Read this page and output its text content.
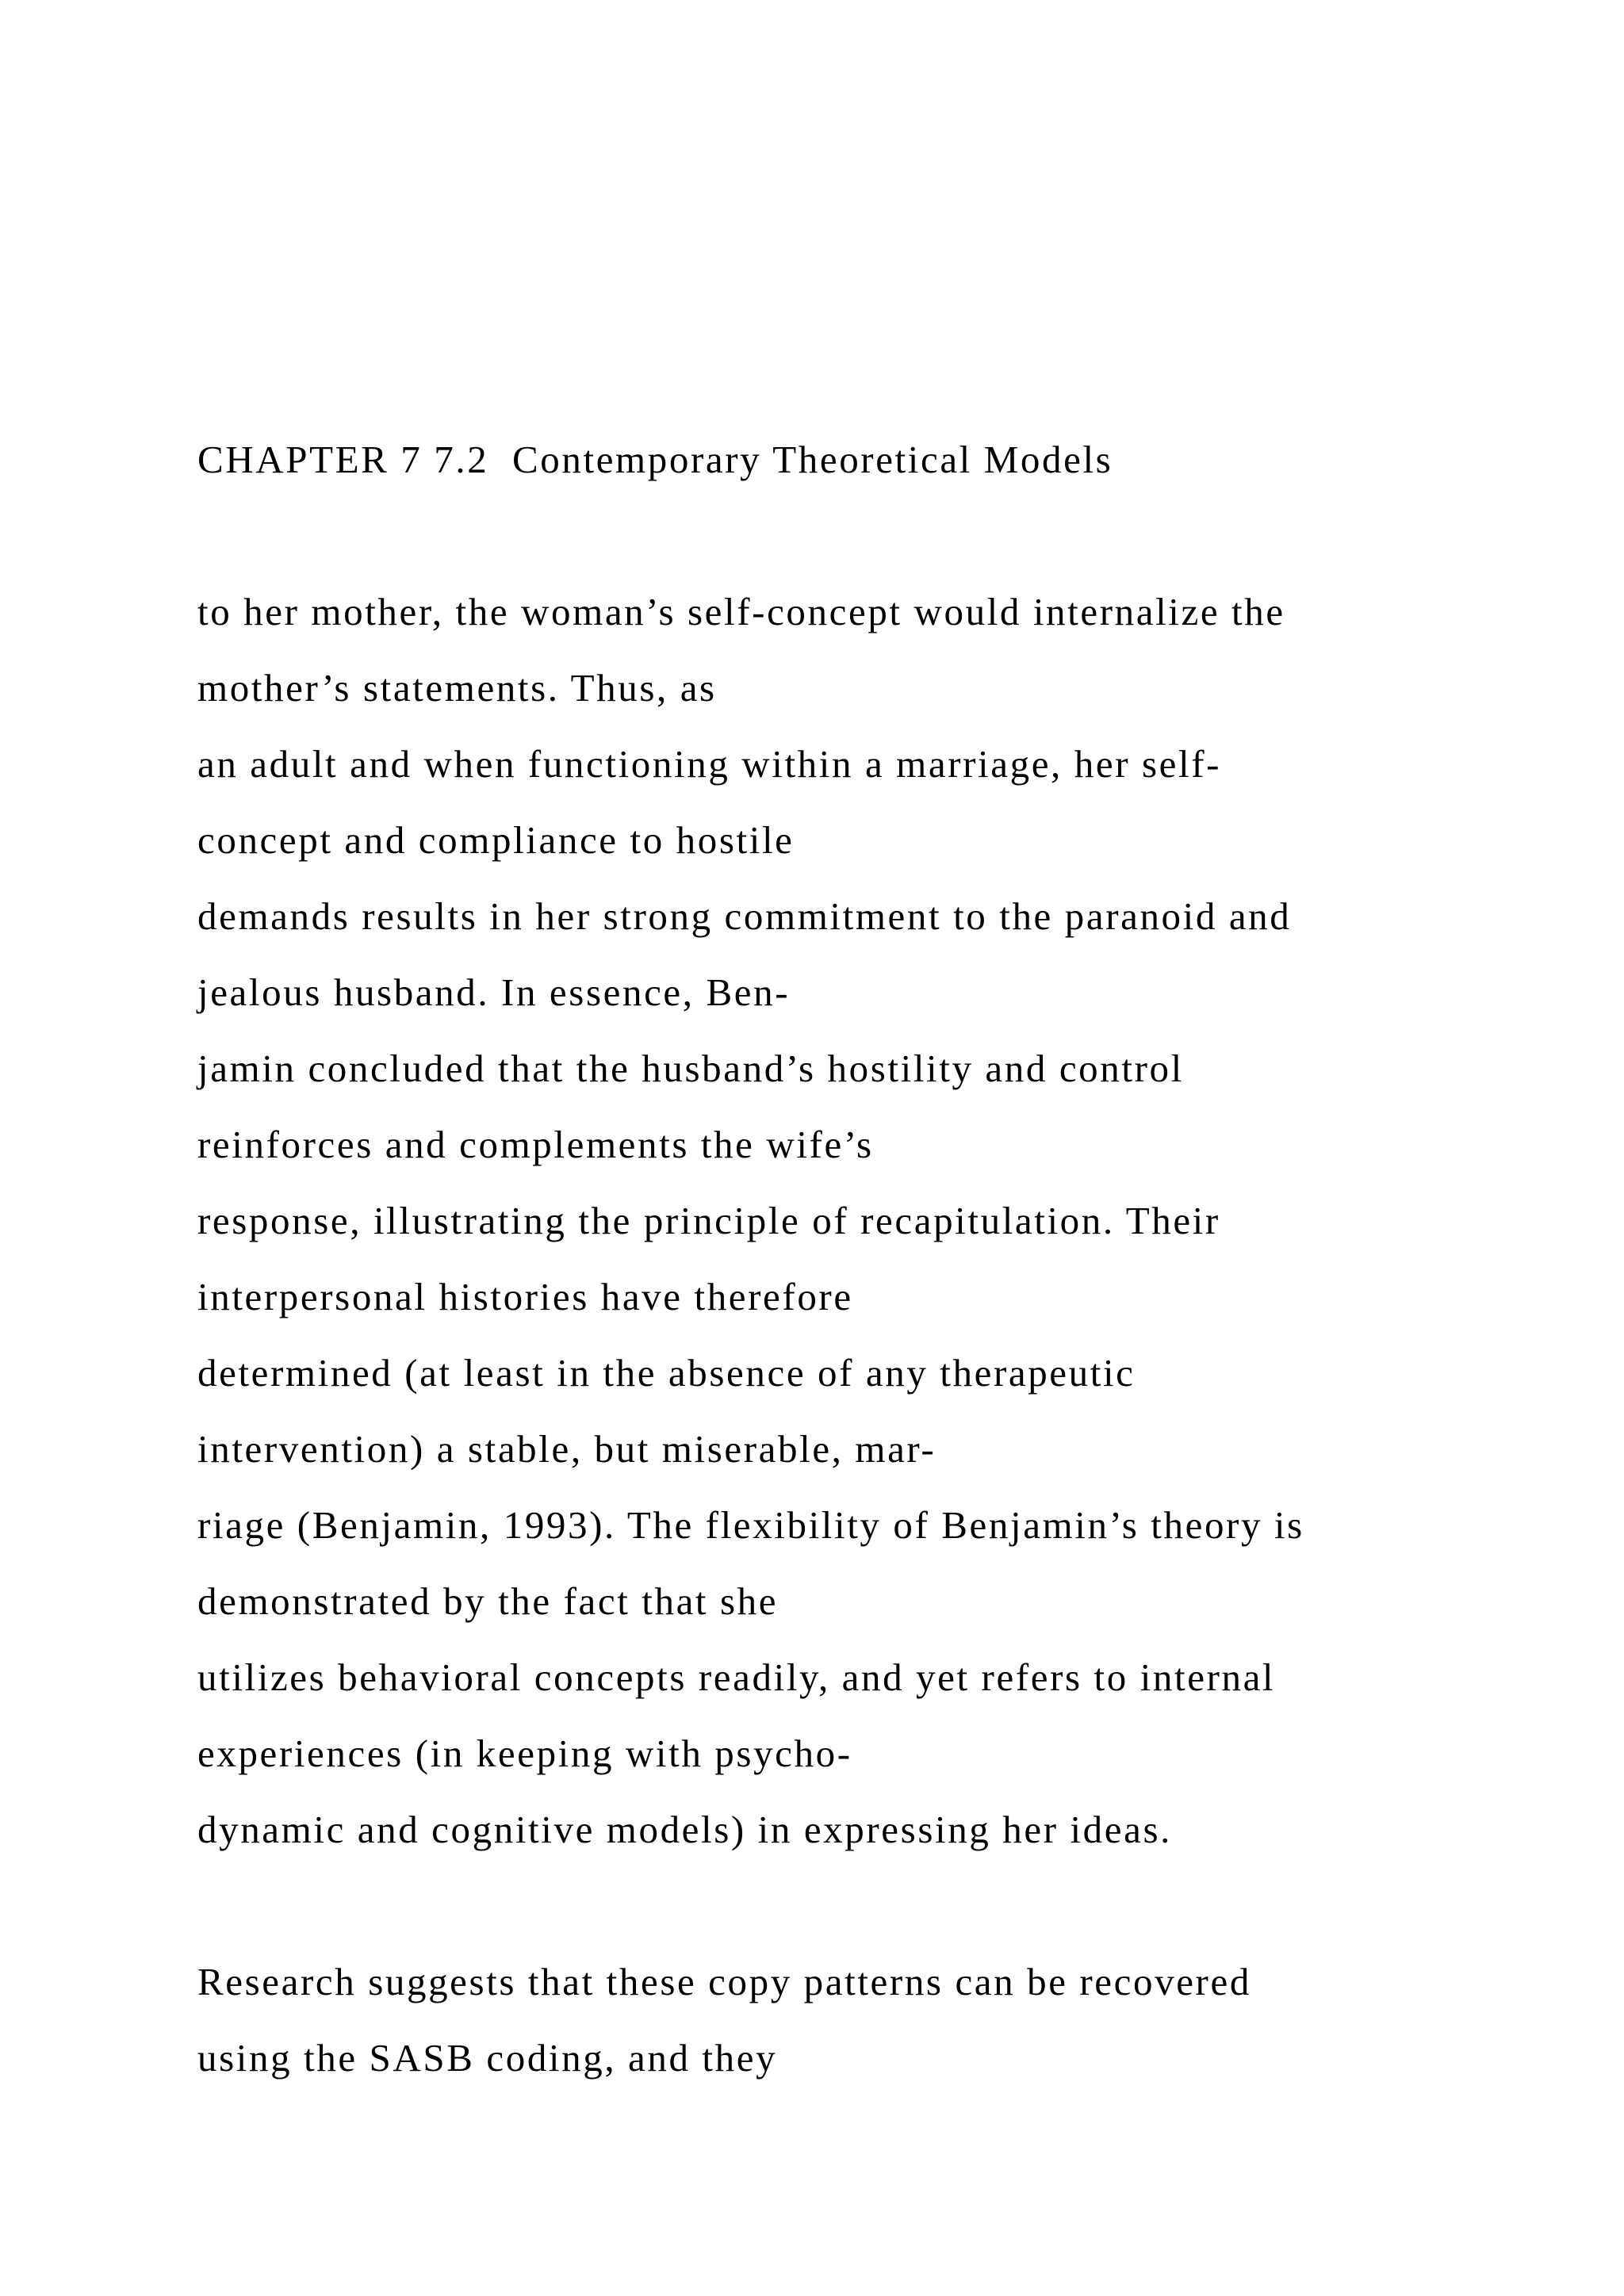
CHAPTER 7 7.2  Contemporary Theoretical Models

to her mother, the woman’s self-concept would internalize the

mother’s statements. Thus, as

an adult and when functioning within a marriage, her self-

concept and compliance to hostile

demands results in her strong commitment to the paranoid and

jealous husband. In essence, Ben-

jamin concluded that the husband’s hostility and control

reinforces and complements the wife’s

response, illustrating the principle of recapitulation. Their

interpersonal histories have therefore

determined (at least in the absence of any therapeutic

intervention) a stable, but miserable, mar-

riage (Benjamin, 1993). The flexibility of Benjamin’s theory is

demonstrated by the fact that she

utilizes behavioral concepts readily, and yet refers to internal

experiences (in keeping with psycho-

dynamic and cognitive models) in expressing her ideas.

Research suggests that these copy patterns can be recovered

using the SASB coding, and they
